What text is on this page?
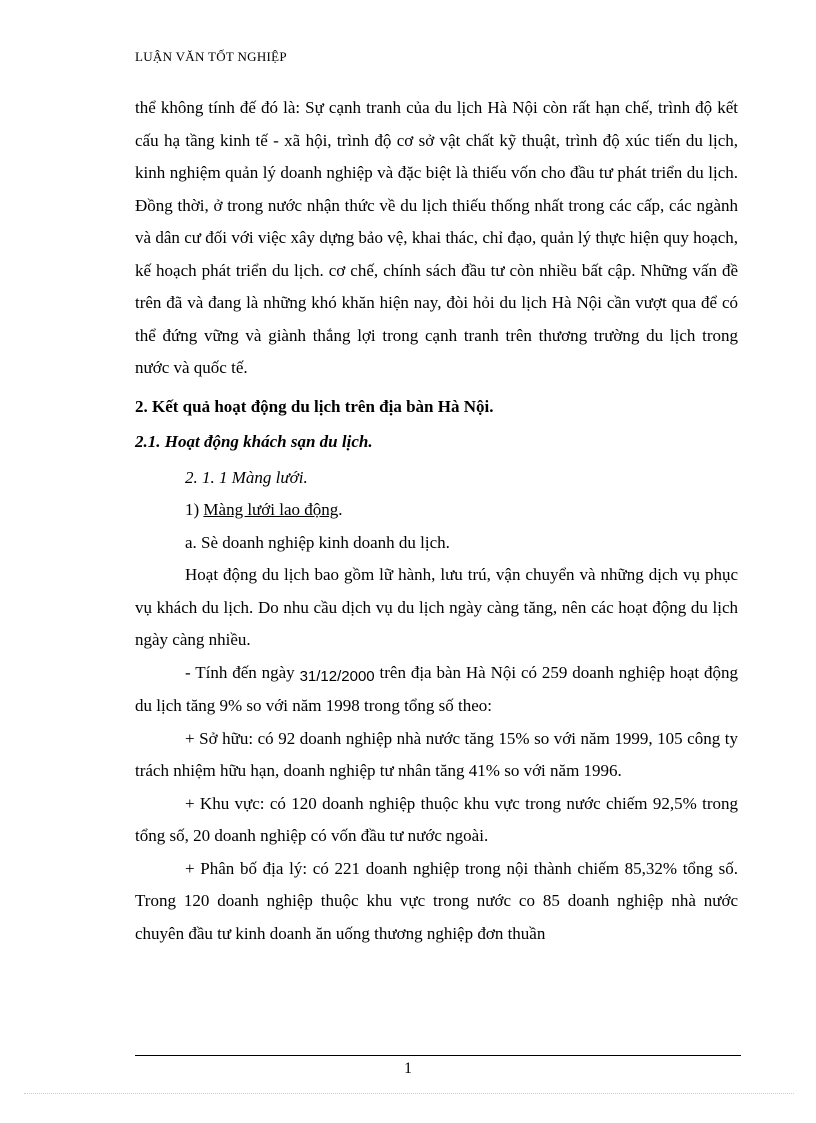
LUẬN VĂN TỐT NGHIỆP

thể không tính đế đó là: Sự cạnh tranh của du lịch Hà Nội còn rất hạn chế, trình độ kết cấu hạ tầng kinh tế - xã hội, trình độ cơ sở vật chất kỹ thuật, trình độ xúc tiến du lịch, kinh nghiệm quản lý doanh nghiệp và đặc biệt là thiếu vốn cho đầu tư phát triển du lịch. Đồng thời, ở trong nước nhận thức về du lịch thiếu thống nhất trong các cấp, các ngành và dân cư đối với việc xây dựng bảo vệ, khai thác, chỉ đạo, quản lý thực hiện quy hoạch, kế hoạch phát triển du lịch. cơ chế, chính sách đầu tư còn nhiều bất cập. Những vấn đề trên đã và đang là những khó khăn hiện nay, đòi hỏi du lịch Hà Nội cần vượt qua để có thể đứng vững và giành thắng lợi trong cạnh tranh trên thương trường du lịch trong nước và quốc tế.

2. Kết quả hoạt động du lịch trên địa bàn Hà Nội.

2.1. Hoạt động khách sạn du lịch.

2. 1. 1 Màng lưới.

1) Màng lưới lao động.

a. Sè doanh nghiệp kinh doanh du lịch.

Hoạt động du lịch bao gồm lữ hành, lưu trú, vận chuyển và những dịch vụ phục vụ khách du lịch. Do nhu cầu dịch vụ du lịch ngày càng tăng, nên các hoạt động du lịch ngày càng nhiều.

- Tính đến ngày 31/12/2000 trên địa bàn Hà Nội có 259 doanh nghiệp hoạt động du lịch tăng 9% so với năm 1998 trong tổng số theo:

+ Sở hữu: có 92 doanh nghiệp nhà nước tăng 15% so với năm 1999, 105 công ty trách nhiệm hữu hạn, doanh nghiệp tư nhân tăng 41% so với năm 1996.

+ Khu vực: có 120 doanh nghiệp thuộc khu vực trong nước chiếm 92,5% trong tổng số, 20 doanh nghiệp có vốn đầu tư nước ngoài.

+ Phân bố địa lý: có 221 doanh nghiệp trong nội thành chiếm 85,32% tổng số. Trong 120 doanh nghiệp thuộc khu vực trong nước co 85 doanh nghiệp nhà nước chuyên đầu tư kinh doanh ăn uống thương nghiệp đơn thuần

1
